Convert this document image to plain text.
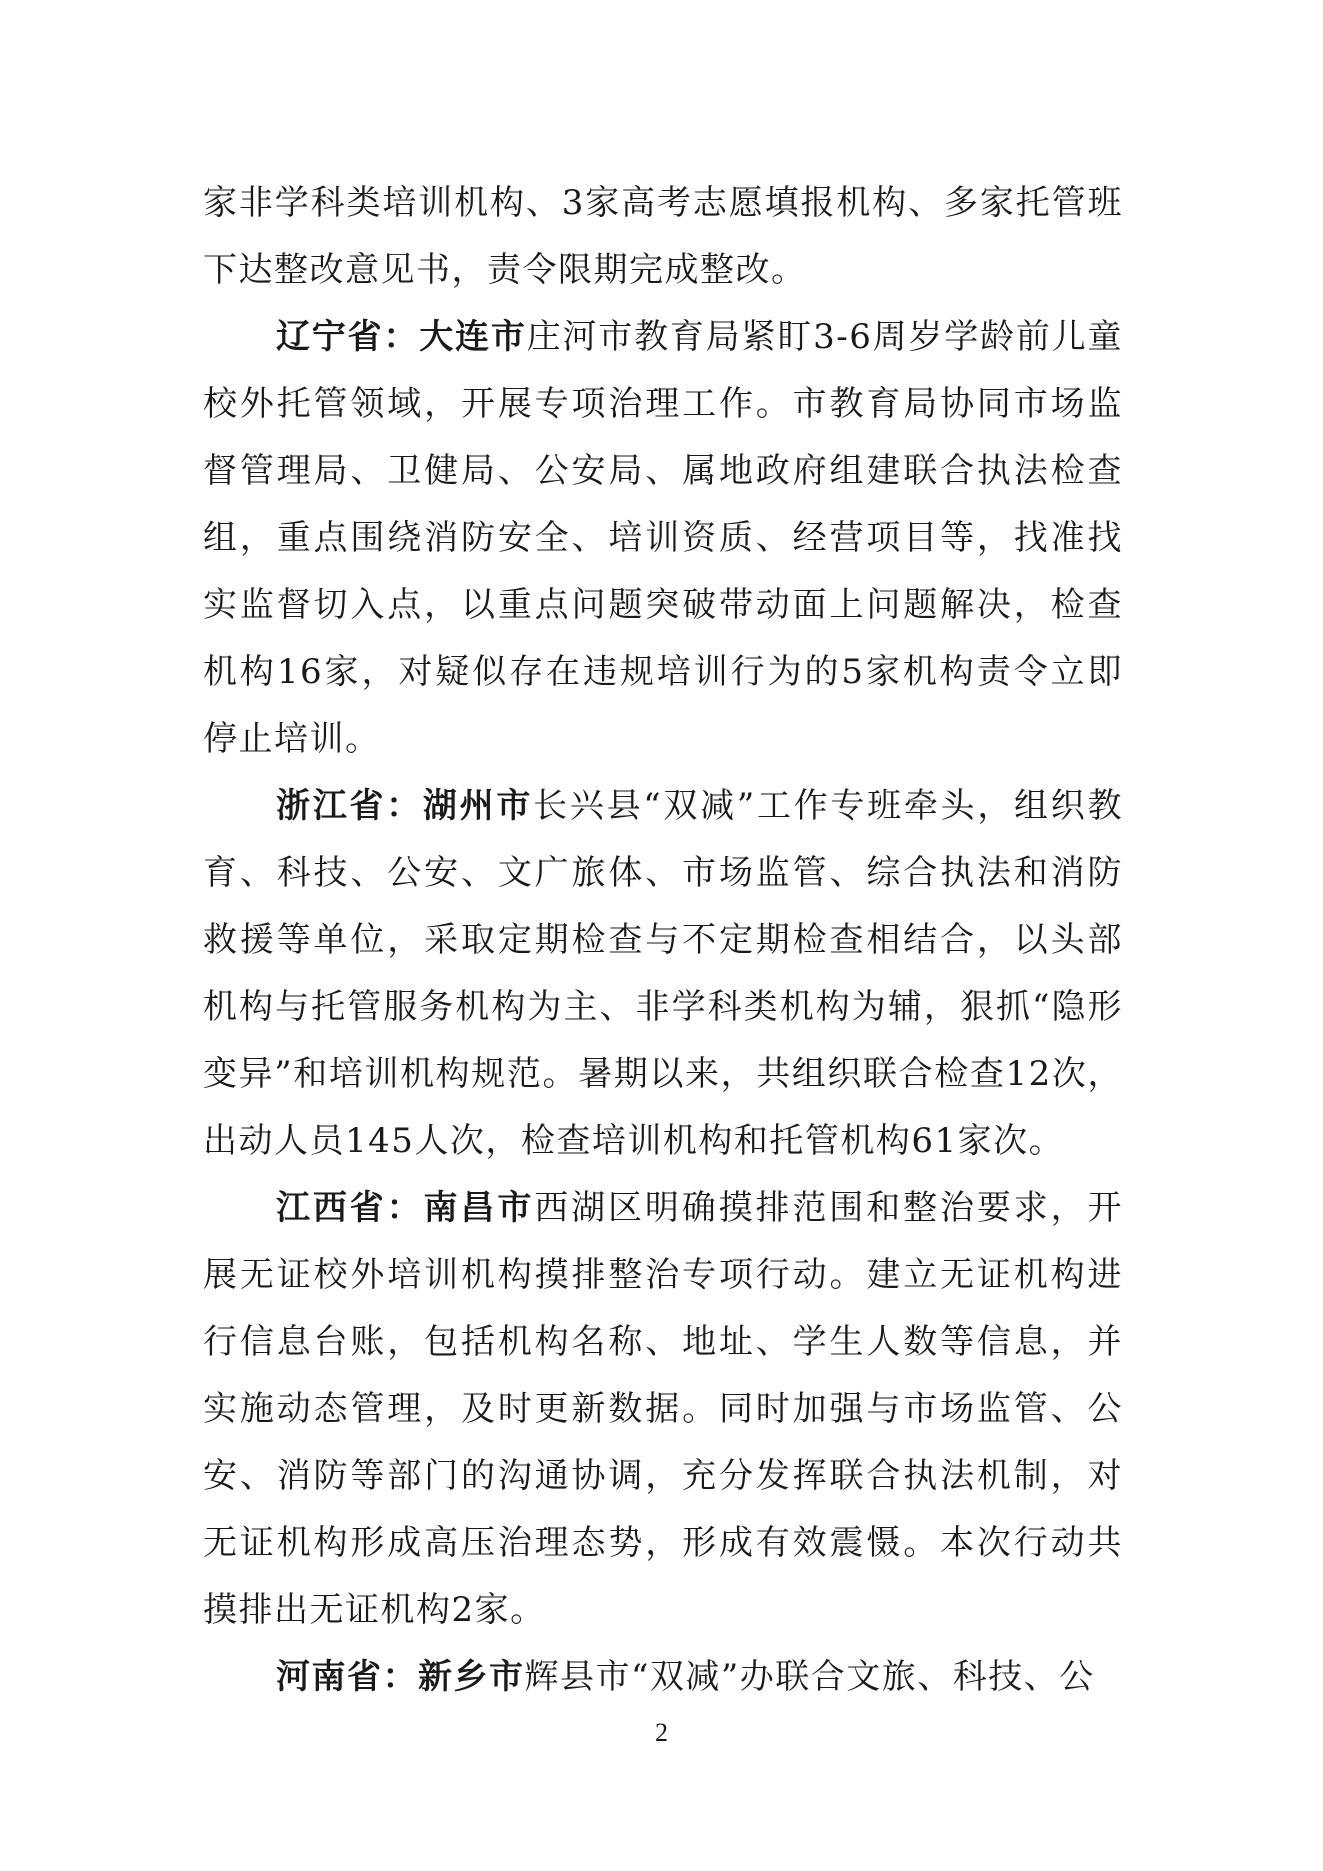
家非学科类培训机构、3家高考志愿填报机构、多家托管班下达整改意见书，责令限期完成整改。

辽宁省：大连市庄河市教育局紧盯3-6周岁学龄前儿童校外托管领域，开展专项治理工作。市教育局协同市场监督管理局、卫健局、公安局、属地政府组建联合执法检查组，重点围绕消防安全、培训资质、经营项目等，找准找实监督切入点，以重点问题突破带动面上问题解决，检查机构16家，对疑似存在违规培训行为的5家机构责令立即停止培训。

浙江省：湖州市长兴县“双减”工作专班牵头，组织教育、科技、公安、文广旅体、市场监管、综合执法和消防救援等单位，采取定期检查与不定期检查相结合，以头部机构与托管服务机构为主、非学科类机构为辅，狠抓“隐形变异”和培训机构规范。暑期以来，共组织联合检查12次，出动人员145人次，检查培训机构和托管机构61家次。

江西省：南昌市西湖区明确摸排范围和整治要求，开展无证校外培训机构摸排整治专项行动。建立无证机构进行信息台账，包括机构名称、地址、学生人数等信息，并实施动态管理，及时更新数据。同时加强与市场监管、公安、消防等部门的沟通协调，充分发挥联合执法机制，对无证机构形成高压治理态势，形成有效震慑。本次行动共摸排出无证机构2家。

河南省：新乡市辉县市“双减”办联合文旅、科技、公

2
